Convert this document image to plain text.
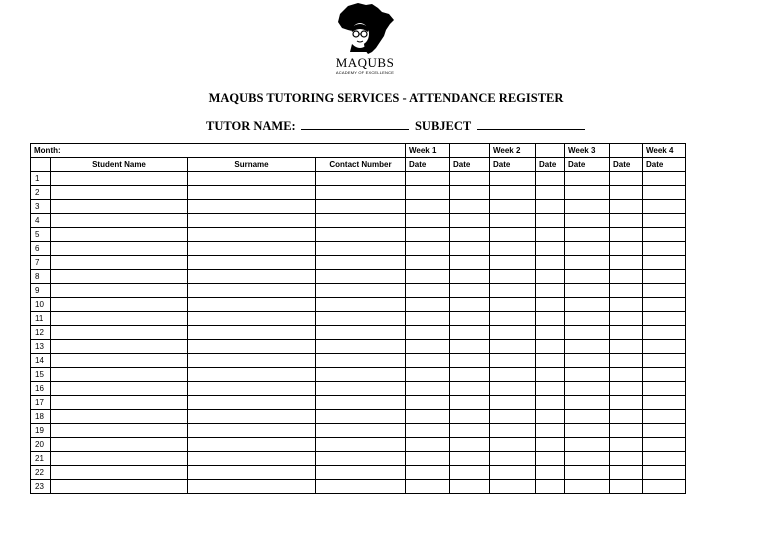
MAQUBS
ACADEMY OF EXCELLENCE
MAQUBS TUTORING SERVICES - ATTENDANCE REGISTER
TUTOR NAME:	SUBJECT
Month:				Week 1		Week 2		Week 3		Week 4
	Student Name	Surname	Contact Number	Date	Date	Date	Date	Date	Date	Date
1										
2										
3										
4										
5										
6										
7										
8										
9										
10										
11										
12										
13										
14										
15										
16										
17										
18										
19										
20										
21										
22										
23										
